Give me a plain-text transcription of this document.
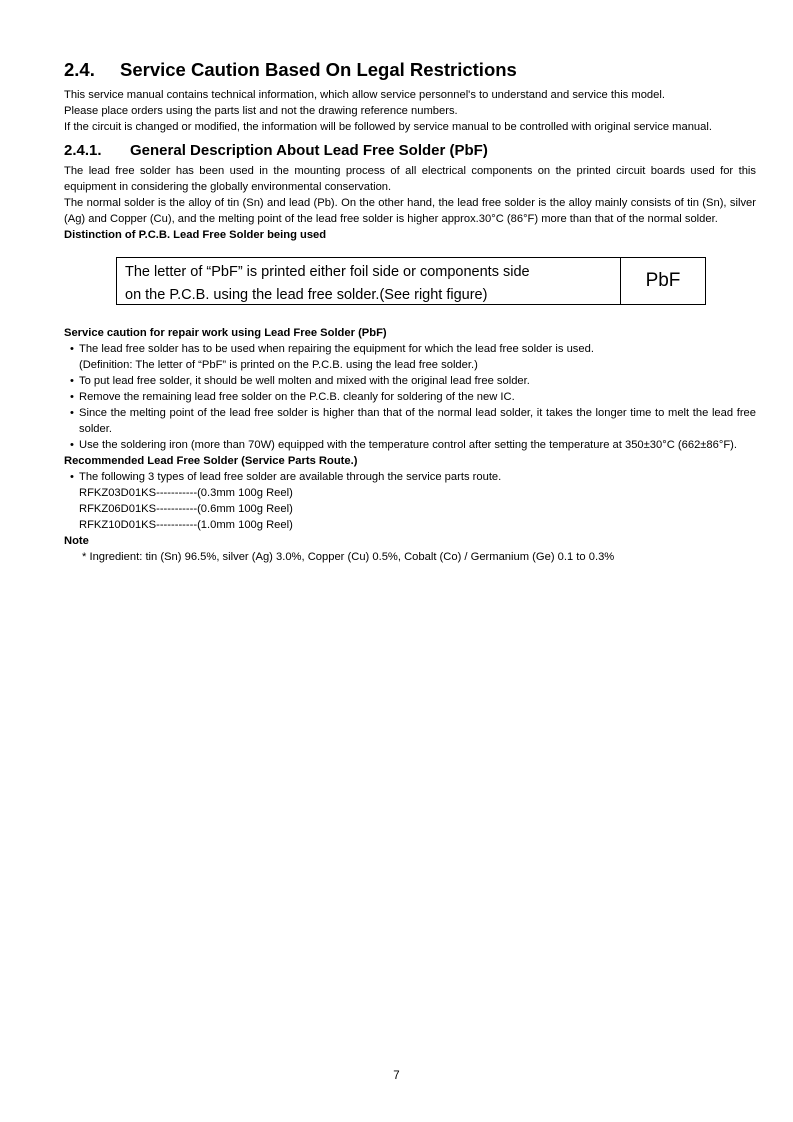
2.4. Service Caution Based On Legal Restrictions

This service manual contains technical information, which allow service personnel's to understand and service this model.

Please place orders using the parts list and not the drawing reference numbers.

If the circuit is changed or modified, the information will be followed by service manual to be controlled with original service manual.

2.4.1. General Description About Lead Free Solder (PbF)

The lead free solder has been used in the mounting process of all electrical components on the printed circuit boards used for this equipment in considering the globally environmental conservation.

The normal solder is the alloy of tin (Sn) and lead (Pb). On the other hand, the lead free solder is the alloy mainly consists of tin (Sn), silver (Ag) and Copper (Cu), and the melting point of the lead free solder is higher approx.30°C (86°F) more than that of the normal solder.

Distinction of P.C.B. Lead Free Solder being used

The letter of “PbF” is printed either foil side or components side
on the P.C.B. using the lead free solder.(See right figure)
PbF

Service caution for repair work using Lead Free Solder (PbF)

• The lead free solder has to be used when repairing the equipment for which the lead free solder is used.
(Definition: The letter of “PbF” is printed on the P.C.B. using the lead free solder.)
• To put lead free solder, it should be well molten and mixed with the original lead free solder.
• Remove the remaining lead free solder on the P.C.B. cleanly for soldering of the new IC.
• Since the melting point of the lead free solder is higher than that of the normal lead solder, it takes the longer time to melt the lead free solder.
• Use the soldering iron (more than 70W) equipped with the temperature control after setting the temperature at 350±30°C (662±86°F).

Recommended Lead Free Solder (Service Parts Route.)

• The following 3 types of lead free solder are available through the service parts route.
RFKZ03D01KS-----------(0.3mm 100g Reel)
RFKZ06D01KS-----------(0.6mm 100g Reel)
RFKZ10D01KS-----------(1.0mm 100g Reel)

Note

* Ingredient: tin (Sn) 96.5%, silver (Ag) 3.0%, Copper (Cu) 0.5%, Cobalt (Co) / Germanium (Ge) 0.1 to 0.3%
7
